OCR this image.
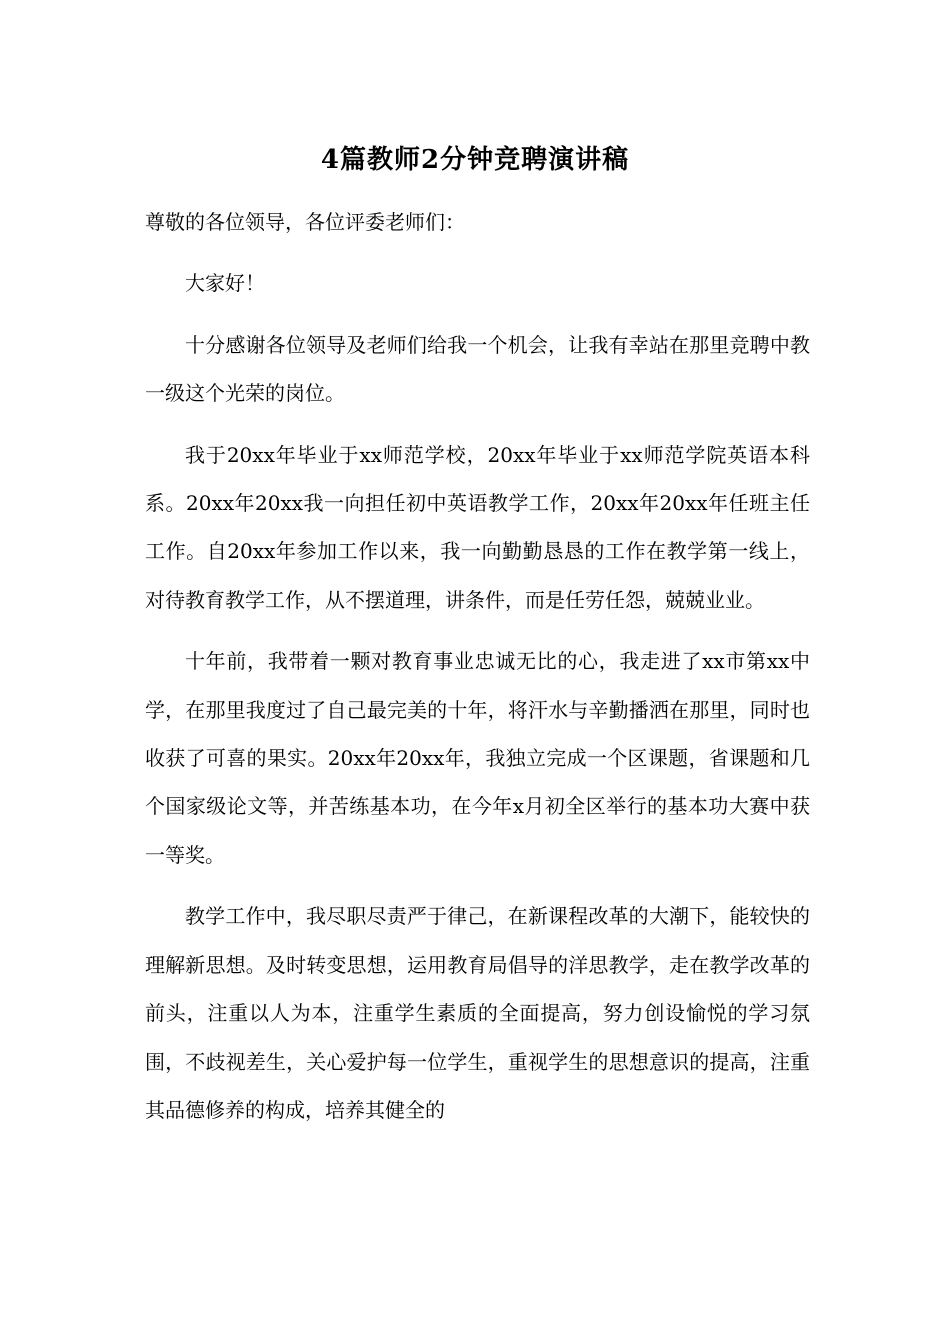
4篇教师2分钟竞聘演讲稿

尊敬的各位领导，各位评委老师们：

大家好！

十分感谢各位领导及老师们给我一个机会，让我有幸站在那里竞聘中教一级这个光荣的岗位。

我于20xx年毕业于xx师范学校，20xx年毕业于xx师范学院英语本科系。20xx年20xx我一向担任初中英语教学工作，20xx年20xx年任班主任工作。自20xx年参加工作以来，我一向勤勤恳恳的工作在教学第一线上，对待教育教学工作，从不摆道理，讲条件，而是任劳任怨，兢兢业业。

十年前，我带着一颗对教育事业忠诚无比的心，我走进了xx市第xx中学，在那里我度过了自己最完美的十年，将汗水与辛勤播洒在那里，同时也收获了可喜的果实。20xx年20xx年，我独立完成一个区课题，省课题和几个国家级论文等，并苦练基本功，在今年x月初全区举行的基本功大赛中获一等奖。

教学工作中，我尽职尽责严于律己，在新课程改革的大潮下，能较快的理解新思想。及时转变思想，运用教育局倡导的洋思教学，走在教学改革的前头，注重以人为本，注重学生素质的全面提高，努力创设愉悦的学习氛围，不歧视差生，关心爱护每一位学生，重视学生的思想意识的提高，注重其品德修养的构成，培养其健全的
